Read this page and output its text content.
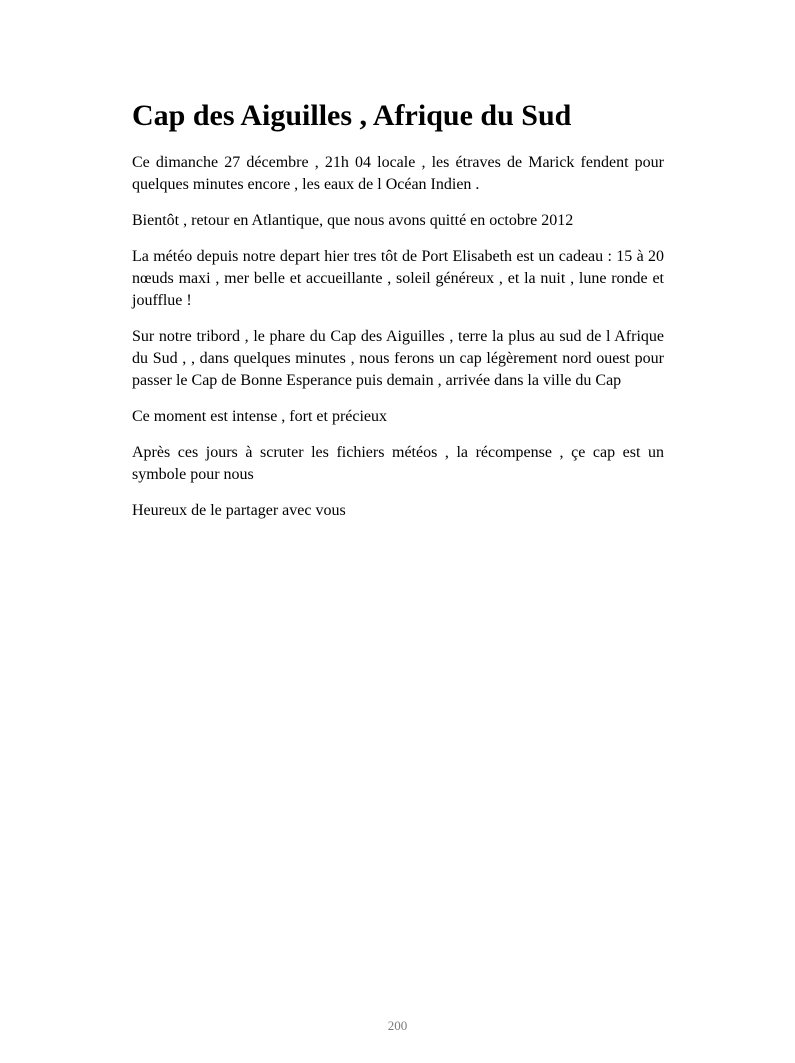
Cap des Aiguilles , Afrique du Sud

Ce dimanche 27 décembre , 21h 04 locale , les étraves de Marick fendent pour quelques minutes encore , les eaux de l Océan Indien .

Bientôt , retour en Atlantique, que nous avons quitté en octobre 2012

La météo depuis notre depart hier tres tôt de Port Elisabeth est un cadeau : 15 à 20 nœuds maxi , mer belle et accueillante , soleil généreux , et la nuit , lune ronde et joufflue !

Sur notre tribord , le phare du Cap des Aiguilles , terre la plus au sud de l Afrique du Sud , , dans quelques minutes , nous ferons un cap légèrement nord ouest pour passer le Cap de Bonne Esperance puis demain , arrivée dans la ville du Cap

Ce moment est intense , fort et précieux

Après ces jours à scruter les fichiers météos , la récompense , çe cap est un symbole pour nous

Heureux de le partager avec vous

200
